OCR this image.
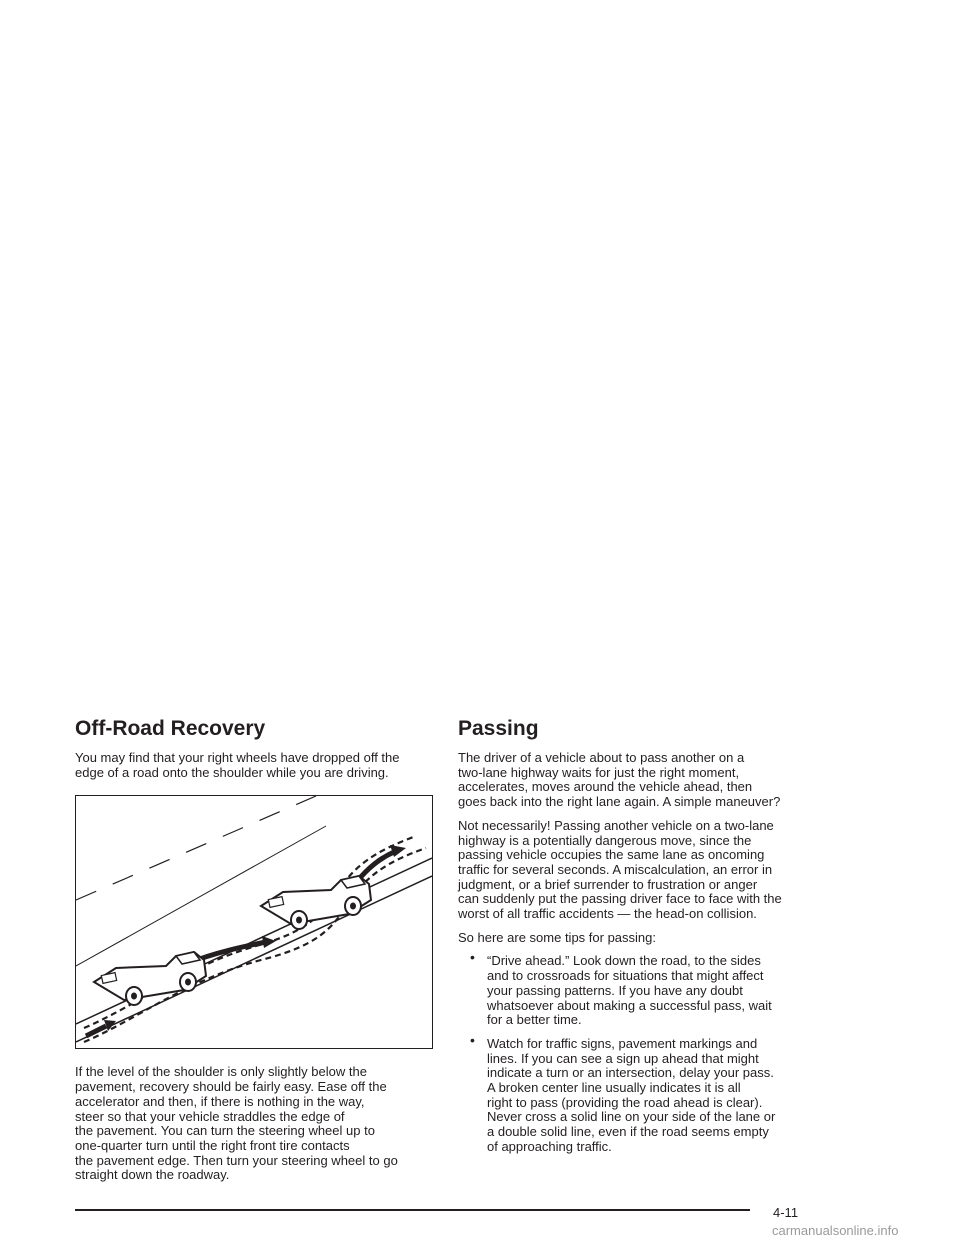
Off-Road Recovery

You may find that your right wheels have dropped off the
edge of a road onto the shoulder while you are driving.

If the level of the shoulder is only slightly below the
pavement, recovery should be fairly easy. Ease off the
accelerator and then, if there is nothing in the way,
steer so that your vehicle straddles the edge of
the pavement. You can turn the steering wheel up to
one-quarter turn until the right front tire contacts
the pavement edge. Then turn your steering wheel to go
straight down the roadway.

Passing

The driver of a vehicle about to pass another on a
two-lane highway waits for just the right moment,
accelerates, moves around the vehicle ahead, then
goes back into the right lane again. A simple maneuver?

Not necessarily! Passing another vehicle on a two-lane
highway is a potentially dangerous move, since the
passing vehicle occupies the same lane as oncoming
traffic for several seconds. A miscalculation, an error in
judgment, or a brief surrender to frustration or anger
can suddenly put the passing driver face to face with the
worst of all traffic accidents — the head-on collision.

So here are some tips for passing:

• “Drive ahead.” Look down the road, to the sides
and to crossroads for situations that might affect
your passing patterns. If you have any doubt
whatsoever about making a successful pass, wait
for a better time.
• Watch for traffic signs, pavement markings and
lines. If you can see a sign up ahead that might
indicate a turn or an intersection, delay your pass.
A broken center line usually indicates it is all
right to pass (providing the road ahead is clear).
Never cross a solid line on your side of the lane or
a double solid line, even if the road seems empty
of approaching traffic.
4-11
carmanualsonline.info
